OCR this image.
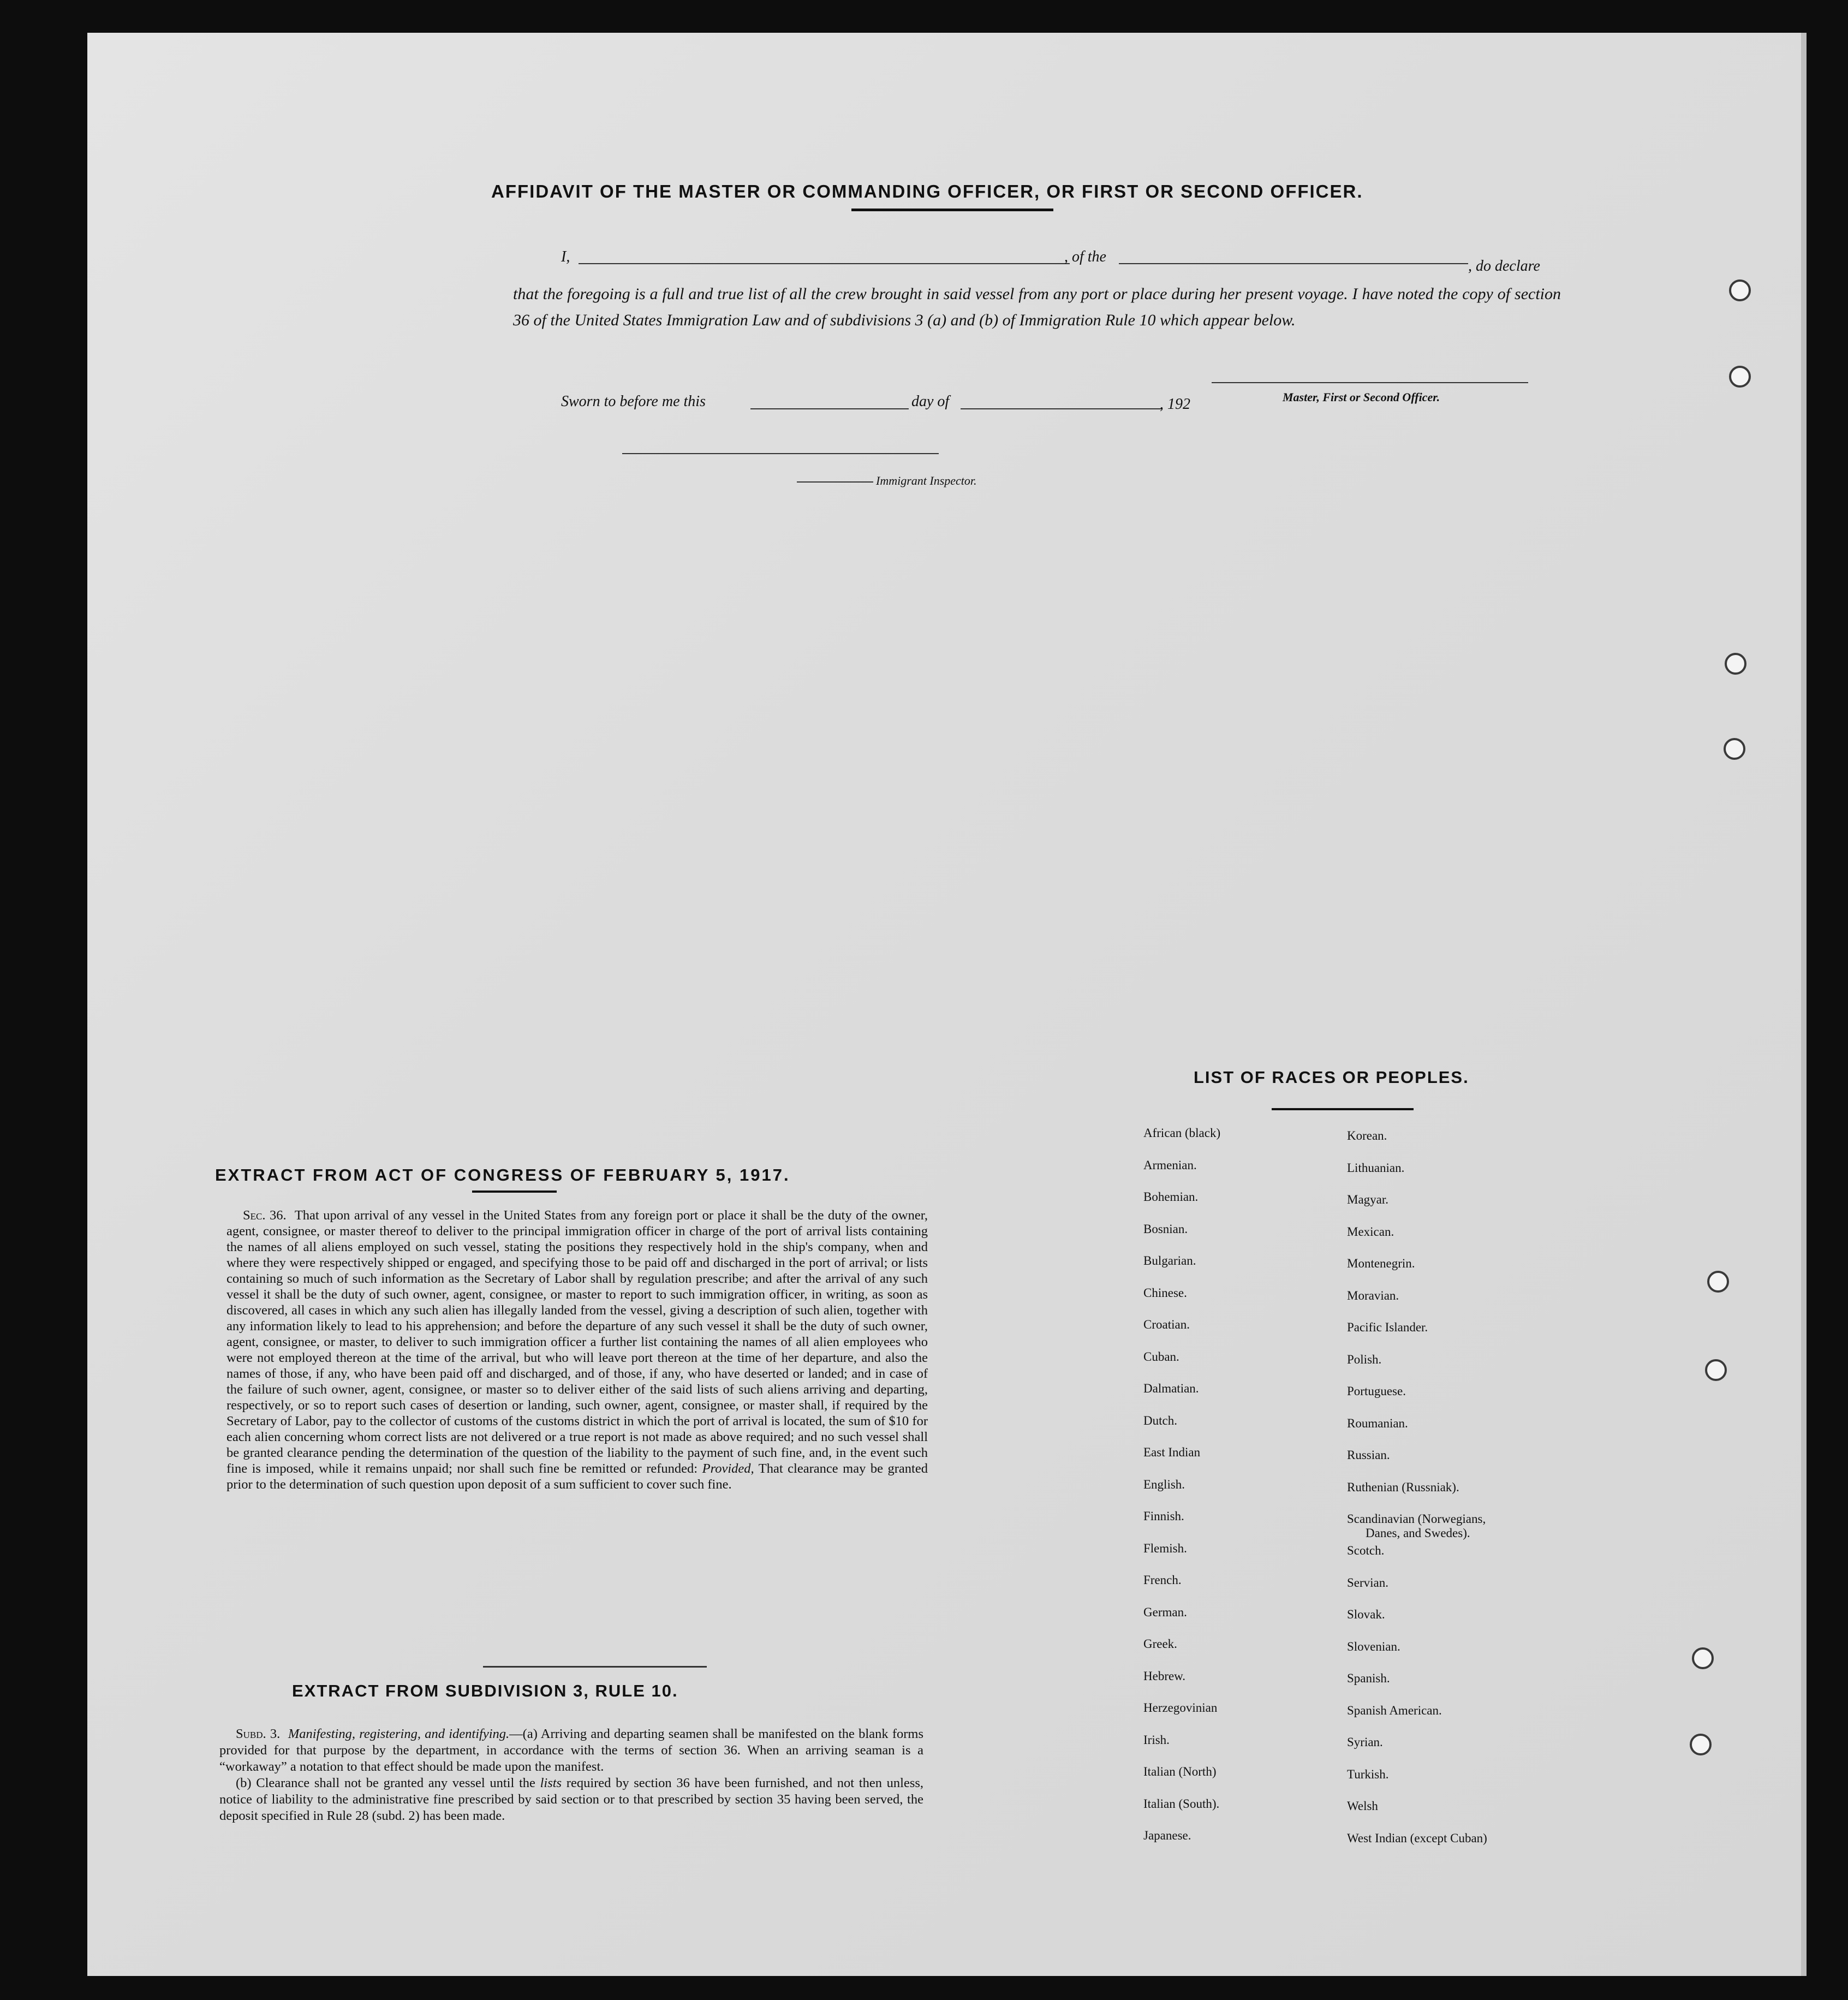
AFFIDAVIT OF THE MASTER OR COMMANDING OFFICER, OR FIRST OR SECOND OFFICER.
I,	, of the
, do declare
that the foregoing is a full and true list of all the crew brought in said vessel from any port or place during her present voyage. I have noted the copy of section 36 of the United States Immigration Law and of subdivisions 3 (a) and (b) of Immigration Rule 10 which appear below.
Master, First or Second Officer.
Sworn to before me this	day of	, 192
Immigrant Inspector.
EXTRACT FROM ACT OF CONGRESS OF FEBRUARY 5, 1917.
Sec. 36. That upon arrival of any vessel in the United States from any foreign port or place it shall be the duty of the owner, agent, consignee, or master thereof to deliver to the principal immigration officer in charge of the port of arrival lists containing the names of all aliens employed on such vessel, stating the positions they respectively hold in the ship's company, when and where they were respectively shipped or engaged, and specifying those to be paid off and discharged in the port of arrival; or lists containing so much of such information as the Secretary of Labor shall by regulation prescribe; and after the arrival of any such vessel it shall be the duty of such owner, agent, consignee, or master to report to such immigration officer, in writing, as soon as discovered, all cases in which any such alien has illegally landed from the vessel, giving a description of such alien, together with any information likely to lead to his apprehension; and before the departure of any such vessel it shall be the duty of such owner, agent, consignee, or master, to deliver to such immigration officer a further list containing the names of all alien employees who were not employed thereon at the time of the arrival, but who will leave port thereon at the time of her departure, and also the names of those, if any, who have been paid off and discharged, and of those, if any, who have deserted or landed; and in case of the failure of such owner, agent, consignee, or master so to deliver either of the said lists of such aliens arriving and departing, respectively, or so to report such cases of desertion or landing, such owner, agent, consignee, or master shall, if required by the Secretary of Labor, pay to the collector of customs of the customs district in which the port of arrival is located, the sum of $10 for each alien concerning whom correct lists are not delivered or a true report is not made as above required; and no such vessel shall be granted clearance pending the determination of the question of the liability to the payment of such fine, and, in the event such fine is imposed, while it remains unpaid; nor shall such fine be remitted or refunded: Provided, That clearance may be granted prior to the determination of such question upon deposit of a sum sufficient to cover such fine.
EXTRACT FROM SUBDIVISION 3, RULE 10.
Subd. 3. Manifesting, registering, and identifying.—(a) Arriving and departing seamen shall be manifested on the blank forms provided for that purpose by the department, in accordance with the terms of section 36. When an arriving seaman is a “workaway” a notation to that effect should be made upon the manifest.
(b) Clearance shall not be granted any vessel until the lists required by section 36 have been furnished, and not then unless, notice of liability to the administrative fine prescribed by said section or to that prescribed by section 35 having been served, the deposit specified in Rule 28 (subd. 2) has been made.
LIST OF RACES OR PEOPLES.
African (black)
Armenian.
Bohemian.
Bosnian.
Bulgarian.
Chinese.
Croatian.
Cuban.
Dalmatian.
Dutch.
East Indian
English.
Finnish.
Flemish.
French.
German.
Greek.
Hebrew.
Herzegovinian
Irish.
Italian (North)
Italian (South).
Japanese.
Korean.
Lithuanian.
Magyar.
Mexican.
Montenegrin.
Moravian.
Pacific Islander.
Polish.
Portuguese.
Roumanian.
Russian.
Ruthenian (Russniak).
Scandinavian (Norwegians,
Danes, and Swedes).
Scotch.
Servian.
Slovak.
Slovenian.
Spanish.
Spanish American.
Syrian.
Turkish.
Welsh
West Indian (except Cuban)
